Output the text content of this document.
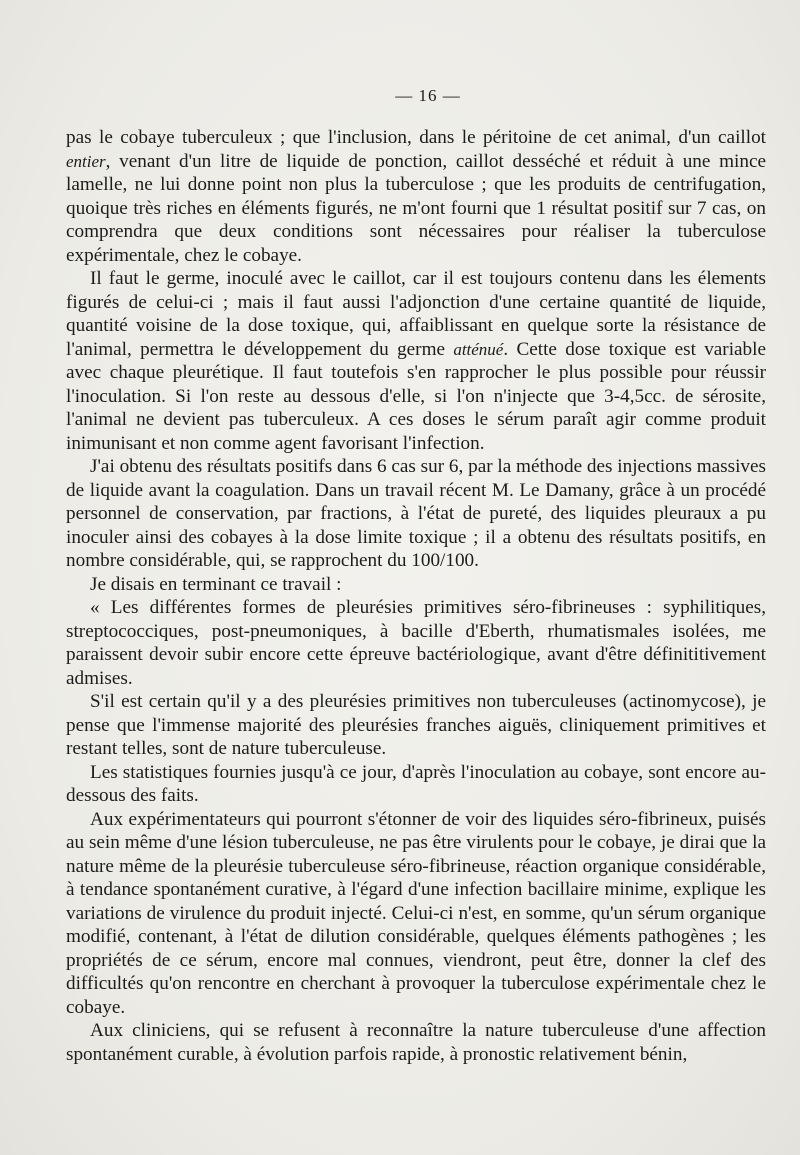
— 16 —

pas le cobaye tuberculeux ; que l'inclusion, dans le péritoine de cet animal, d'un caillot entier, venant d'un litre de liquide de ponction, caillot desséché et réduit à une mince lamelle, ne lui donne point non plus la tuberculose ; que les produits de centrifugation, quoique très riches en éléments figurés, ne m'ont fourni que 1 résultat positif sur 7 cas, on comprendra que deux conditions sont nécessaires pour réaliser la tuberculose expérimentale, chez le cobaye.

Il faut le germe, inoculé avec le caillot, car il est toujours contenu dans les élements figurés de celui-ci ; mais il faut aussi l'adjonction d'une certaine quantité de liquide, quantité voisine de la dose toxique, qui, affaiblissant en quelque sorte la résistance de l'animal, permettra le développement du germe atténué. Cette dose toxique est variable avec chaque pleurétique. Il faut toutefois s'en rapprocher le plus possible pour réussir l'inoculation. Si l'on reste au dessous d'elle, si l'on n'injecte que 3-4,5cc. de sérosite, l'animal ne devient pas tuberculeux. A ces doses le sérum paraît agir comme produit inimunisant et non comme agent favorisant l'infection.

J'ai obtenu des résultats positifs dans 6 cas sur 6, par la méthode des injections massives de liquide avant la coagulation. Dans un travail récent M. Le Damany, grâce à un procédé personnel de conservation, par fractions, à l'état de pureté, des liquides pleuraux a pu inoculer ainsi des cobayes à la dose limite toxique ; il a obtenu des résultats positifs, en nombre considérable, qui, se rapprochent du 100/100.

Je disais en terminant ce travail :

« Les différentes formes de pleurésies primitives séro-fibrineuses : syphilitiques, streptococciques, post-pneumoniques, à bacille d'Eberth, rhumatismales isolées, me paraissent devoir subir encore cette épreuve bactériologique, avant d'être définititivement admises.

S'il est certain qu'il y a des pleurésies primitives non tuberculeuses (actinomycose), je pense que l'immense majorité des pleurésies franches aiguës, cliniquement primitives et restant telles, sont de nature tuberculeuse.

Les statistiques fournies jusqu'à ce jour, d'après l'inoculation au cobaye, sont encore au-dessous des faits.

Aux expérimentateurs qui pourront s'étonner de voir des liquides séro-fibrineux, puisés au sein même d'une lésion tuberculeuse, ne pas être virulents pour le cobaye, je dirai que la nature même de la pleurésie tuberculeuse séro-fibrineuse, réaction organique considérable, à tendance spontanément curative, à l'égard d'une infection bacillaire minime, explique les variations de virulence du produit injecté. Celui-ci n'est, en somme, qu'un sérum organique modifié, contenant, à l'état de dilution considérable, quelques éléments pathogènes ; les propriétés de ce sérum, encore mal connues, viendront, peut être, donner la clef des difficultés qu'on rencontre en cherchant à provoquer la tuberculose expérimentale chez le cobaye.

Aux cliniciens, qui se refusent à reconnaître la nature tuberculeuse d'une affection spontanément curable, à évolution parfois rapide, à pronostic relativement bénin,
